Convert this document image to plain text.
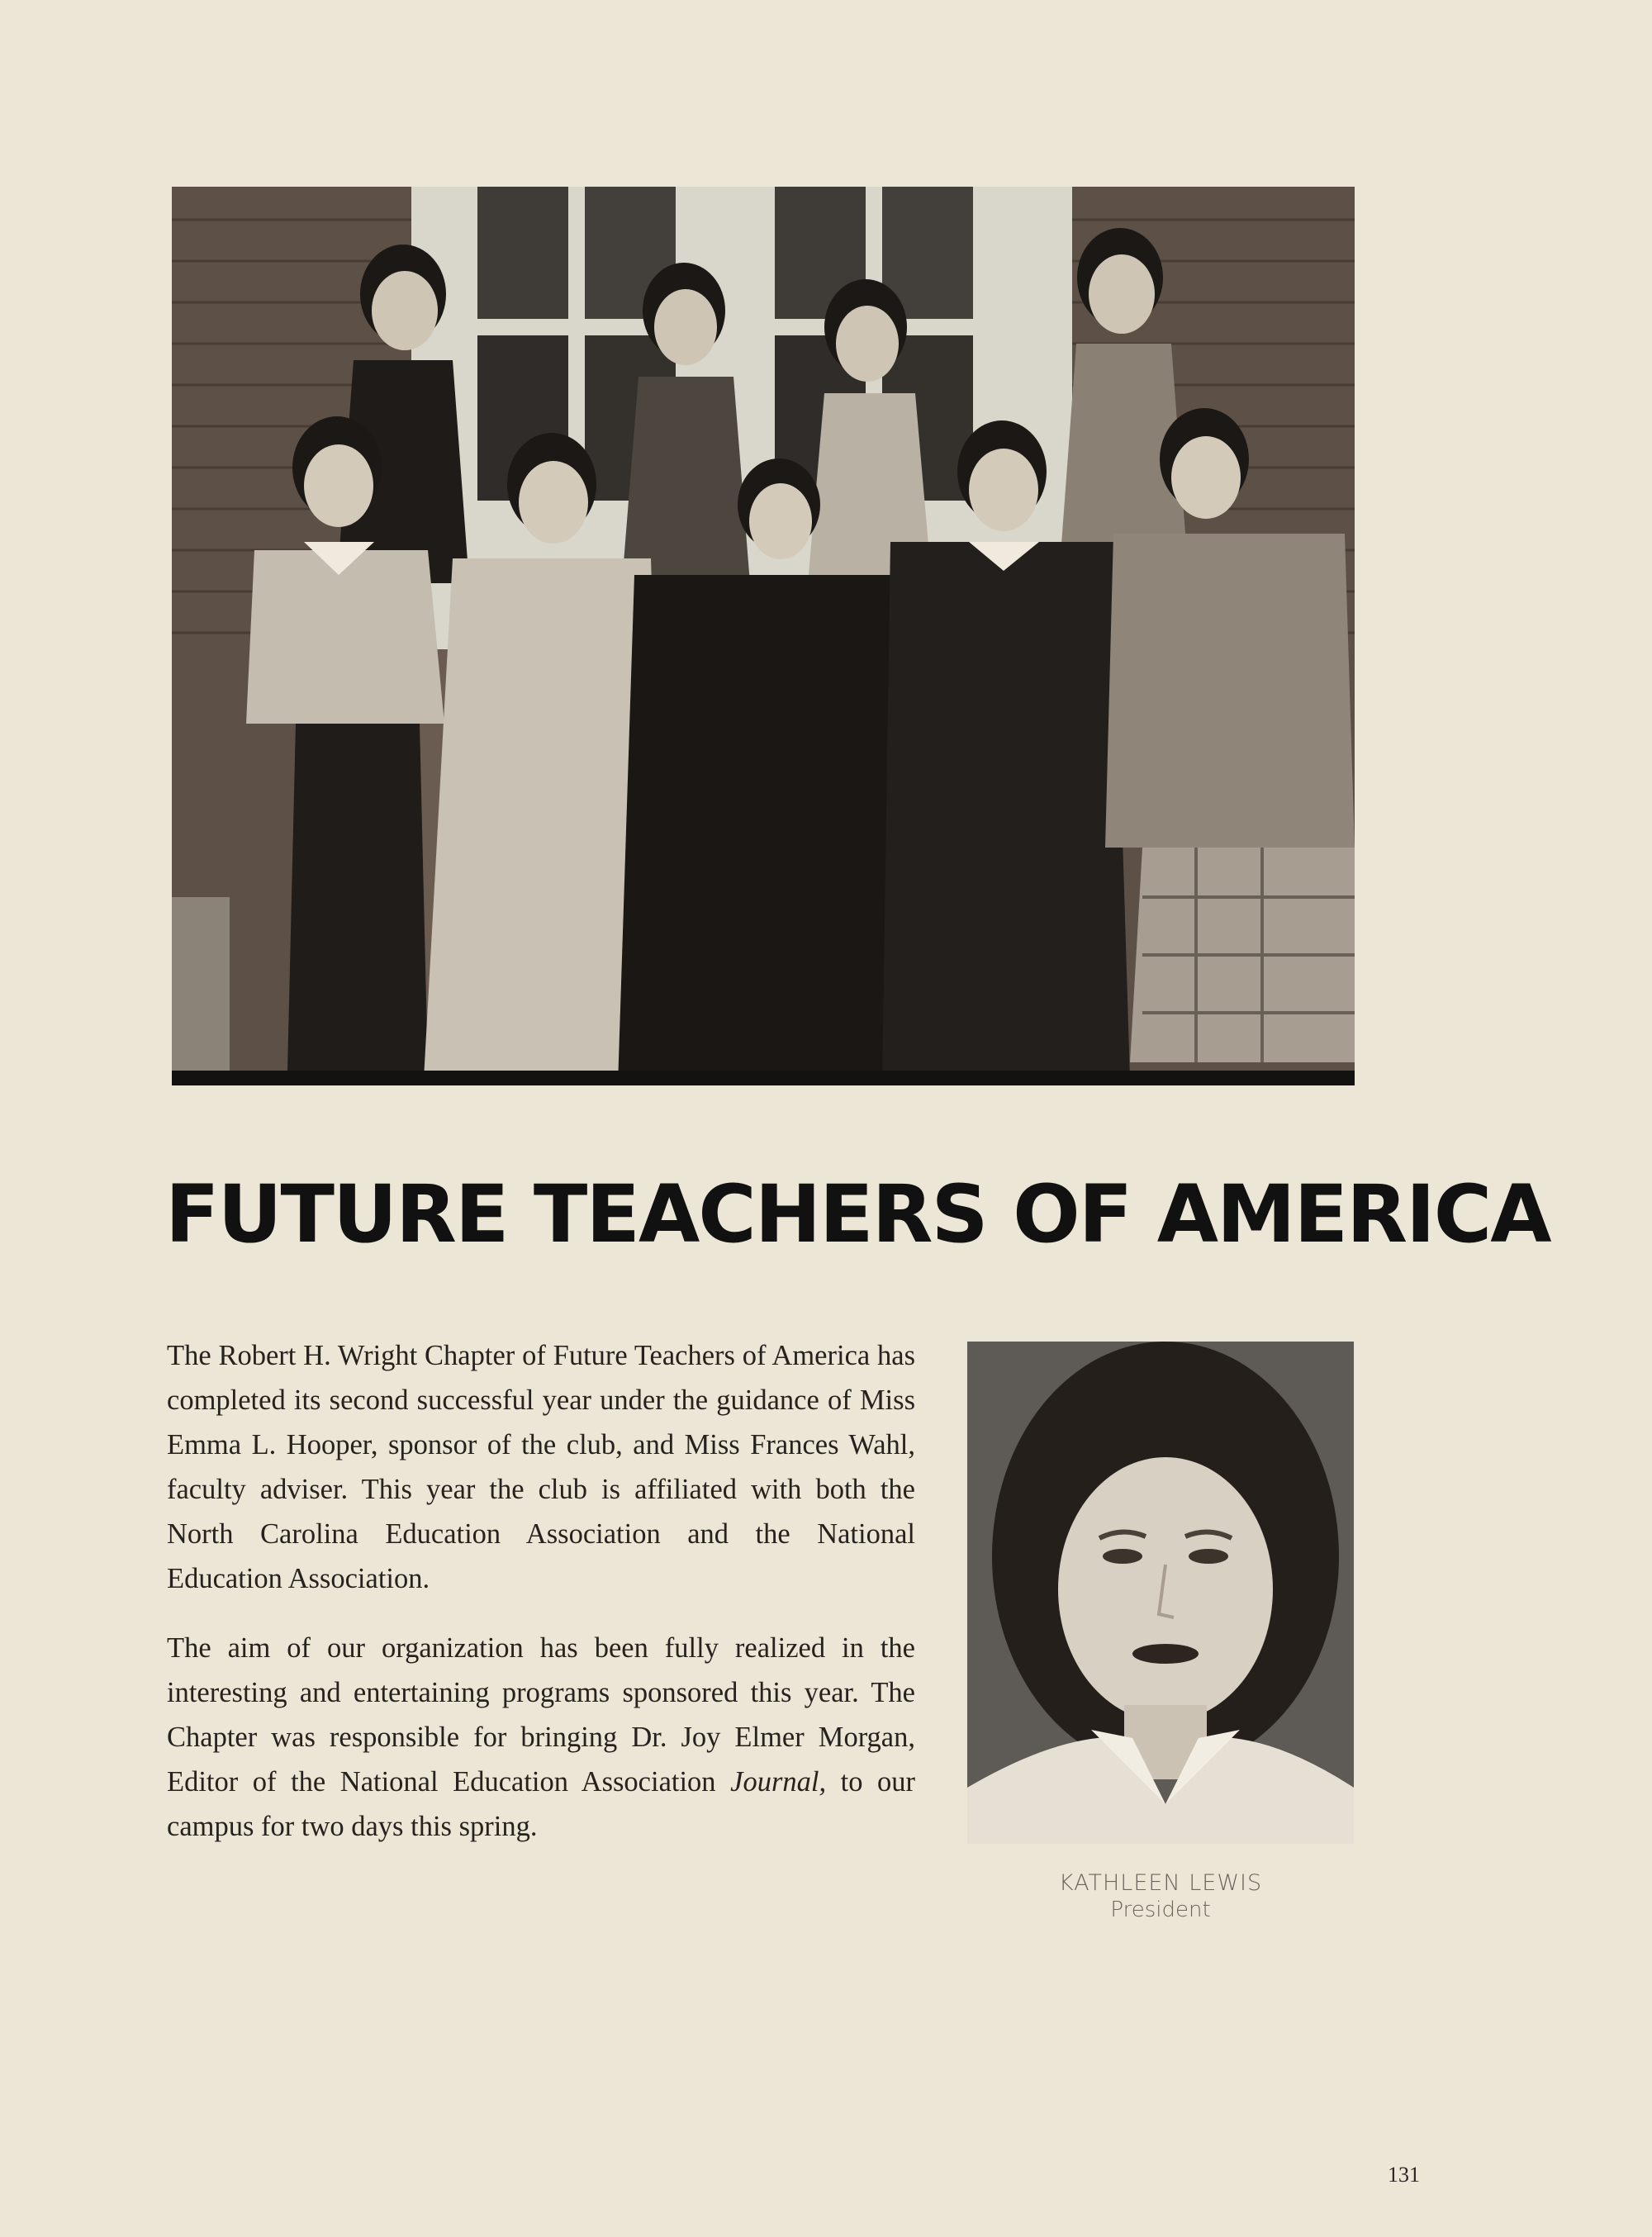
FUTURE TEACHERS OF AMERICA

The Robert H. Wright Chapter of Future Teachers of America has completed its second successful year under the guidance of Miss Emma L. Hooper, sponsor of the club, and Miss Frances Wahl, faculty adviser. This year the club is affiliated with both the North Carolina Education Association and the National Education Association.

The aim of our organization has been fully realized in the interesting and entertaining programs sponsored this year. The Chapter was responsible for bringing Dr. Joy Elmer Morgan, Editor of the National Education Association Journal, to our campus for two days this spring.

KATHLEEN LEWIS
President
131
